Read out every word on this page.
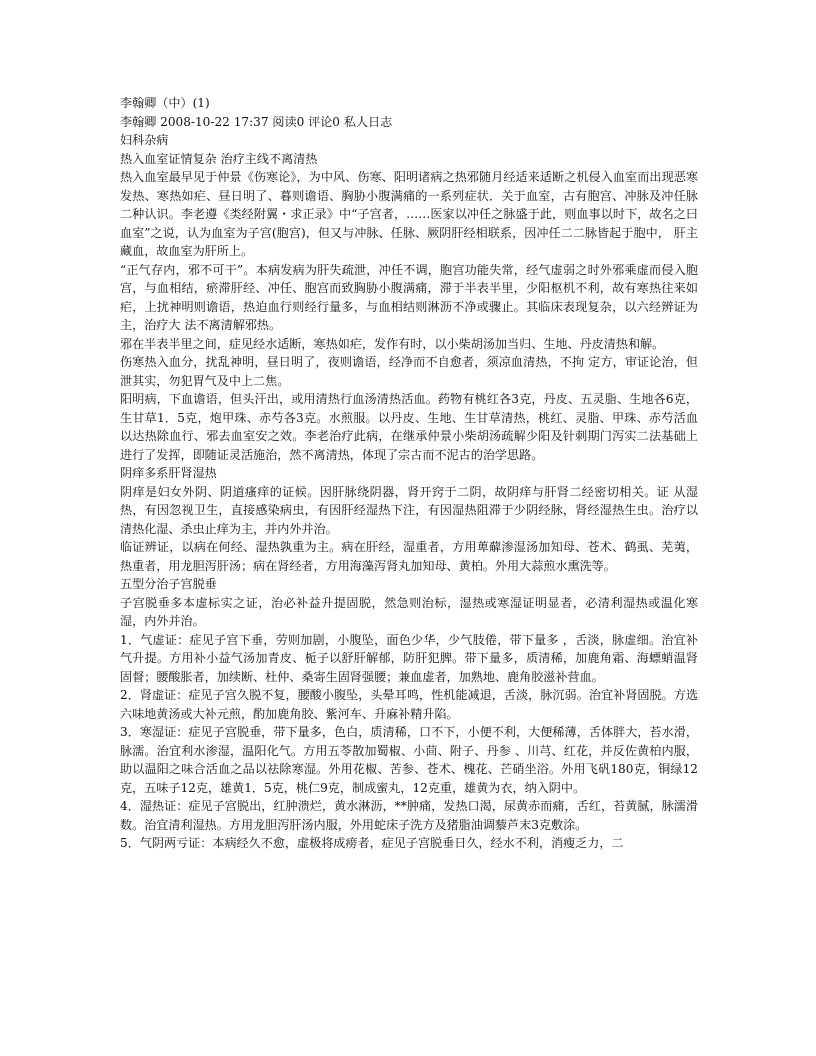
李翰卿（中）(1)

李翰卿 2008-10-22 17:37 阅读0 评论0 私人日志

妇科杂病

热入血室证情复杂 治疗主线不离清热

热入血室最早见于仲景《伤寒论》，为中风、伤寒、阳明诸病之热邪随月经适来适断之机侵入血室而出现恶寒发热、寒热如疟、昼日明了、暮则谵语、胸胁小腹满痛的一系列症状．关于血室，古有胞宫、冲脉及冲任脉二种认识。李老遵《类经附翼・求正录》中“子宫者，……医家以冲任之脉盛于此，则血事以时下，故名之曰血室”之说，认为血室为子宫(胞宫)，但又与冲脉、任脉、厥阴肝经相联系，因冲任二二脉皆起于胞中， 肝主藏血，故血室为肝所上。

“正气存内，邪不可干”。本病发病为肝失疏泄，冲任不调，胞宫功能失常，经气虚弱之时外邪乘虚而侵入胞宫，与血相结，瘀滞肝经、冲任、胞宫而致胸胁小腹满痛，滞于半表半里，少阳枢机不利，故有寒热往来如疟，上扰神明则谵语，热迫血行则经行量多，与血相结则淋沥不净或骤止。其临床表现复杂，以六经辨证为主，治疗大 法不离清解邪热。

邪在半表半里之间，症见经水适断，寒热如疟，发作有时，以小柴胡汤加当归、生地、丹皮清热和解。

伤寒热入血分，扰乱神明，昼日明了，夜则谵语，经净而不自愈者，须凉血清热，不拘 定方，审证论治，但泄其实，勿犯胃气及中上二焦。

阳明病，下血谵语，但头汗出，或用清热行血汤清热活血。药物有桃红各3克，丹皮、五灵脂、生地各6克，生甘草1．5克，炮甲珠、赤芍各3克。水煎服。以丹皮、生地、生甘草清热，桃红、灵脂、甲珠、赤芍活血以达热除血行、邪去血室安之效。李老治疗此病，在继承仲景小柴胡汤疏解少阳及针刺期门泻实二法基础上进行了发挥，即随证灵活施治，然不离清热，体现了宗古而不泥古的治学思路。

阴痒多系肝肾湿热

阴痒是妇女外阴、阴道瘙痒的证候。因肝脉绕阴器，肾开窍于二阴，故阴痒与肝肾二经密切相关。证 从湿热，有因忽视卫生，直接感染病虫，有因肝经湿热下注，有因湿热阻滞于少阴经脉，肾经湿热生虫。治疗以清热化湿、杀虫止痒为主，并内外并治。

临证辨证，以病在何经、湿热孰重为主。病在肝经，湿重者，方用萆薢渗湿汤加知母、苍术、鹤虱、芜荑，热重者，用龙胆泻肝汤；病在肾经者，方用海藻泻肾丸加知母、黄柏。外用大蒜煎水熏洗等。

五型分治子宫脱垂

子宫脱垂多本虚标实之证，治必补益升提固脱，然急则治标，湿热或寒湿证明显者，必清利湿热或温化寒湿，内外并治。

1．气虚证：症见子宫下垂，劳则加剧，小腹坠，面色少华，少气肢倦，带下量多 ，舌淡，脉虚细。治宜补气升提。方用补小益气汤加青皮、栀子以舒肝解郁，防肝犯脾。带下量多，质清稀，加鹿角霜、海螵蛸温肾固督；腰酸胀者，加续断、杜仲、桑寄生固肾强腰；兼血虚者，加熟地、鹿角胶滋补营血。

2．肾虚证：症见子宫久脱不复，腰酸小腹坠，头晕耳鸣，性机能减退，舌淡，脉沉弱。治宜补肾固脱。方选六味地黄汤或大补元煎，酌加鹿角胶、紫河车、升麻补精升陷。

3．寒湿证：症见子宫脱垂，带下量多，色白，质清稀，口不下，小便不利，大便稀薄，舌体胖大，苔水滑，脉濡。治宜利水渗湿，温阳化气。方用五苓散加蜀椒、小茴、附子、丹参 、川芎、红花，并反佐黄柏内服，助以温阳之味合活血之品以祛除寒湿。外用花椒、苦参、苍术、槐花、芒硝坐浴。外用飞矾180克，铜绿12克，五味子12克，雄黄1．5克，桃仁9克，制成蜜丸，12克重，雄黄为衣，纳入阴中。

4．湿热证：症见子宫脱出，红肿溃烂，黄水淋沥，**肿痛，发热口渴，尿黄赤而痛，舌红，苔黄腻，脉濡滑数。治宜清利湿热。方用龙胆泻肝汤内服，外用蛇床子洗方及猪脂油调藜芦末3克敷涂。

5．气阴两亏证：本病经久不愈，虚极将成痨者，症见子宫脱垂日久，经水不利，消瘦乏力，二
